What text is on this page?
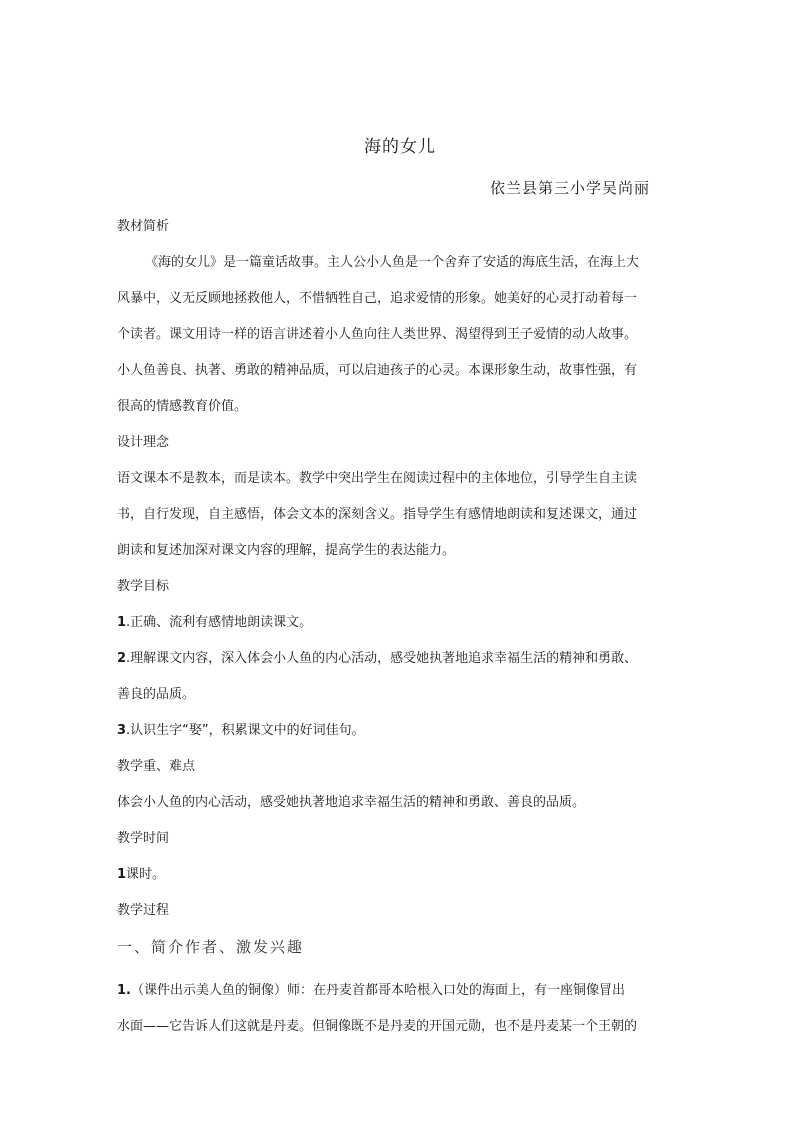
海的女儿
依兰县第三小学吴尚丽
教材简析
《海的女儿》是一篇童话故事。主人公小人鱼是一个舍弃了安适的海底生活，在海上大
风暴中，义无反顾地拯救他人，不惜牺牲自己，追求爱情的形象。她美好的心灵打动着每一
个读者。课文用诗一样的语言讲述着小人鱼向往人类世界、渴望得到王子爱情的动人故事。
小人鱼善良、执著、勇敢的精神品质，可以启迪孩子的心灵。本课形象生动，故事性强，有
很高的情感教育价值。
设计理念
语文课本不是教本，而是读本。教学中突出学生在阅读过程中的主体地位，引导学生自主读
书，自行发现，自主感悟，体会文本的深刻含义。指导学生有感情地朗读和复述课文，通过
朗读和复述加深对课文内容的理解，提高学生的表达能力。
教学目标
1.正确、流利有感情地朗读课文。
2.理解课文内容，深入体会小人鱼的内心活动，感受她执著地追求幸福生活的精神和勇敢、
善良的品质。
3.认识生字“娶”，积累课文中的好词佳句。
教学重、难点
体会小人鱼的内心活动，感受她执著地追求幸福生活的精神和勇敢、善良的品质。
教学时间
1课时。
教学过程
一、简介作者、激发兴趣
1.（课件出示美人鱼的铜像）师：在丹麦首都哥本哈根入口处的海面上，有一座铜像冒出
水面——它告诉人们这就是丹麦。但铜像既不是丹麦的开国元勋，也不是丹麦某一个王朝的
